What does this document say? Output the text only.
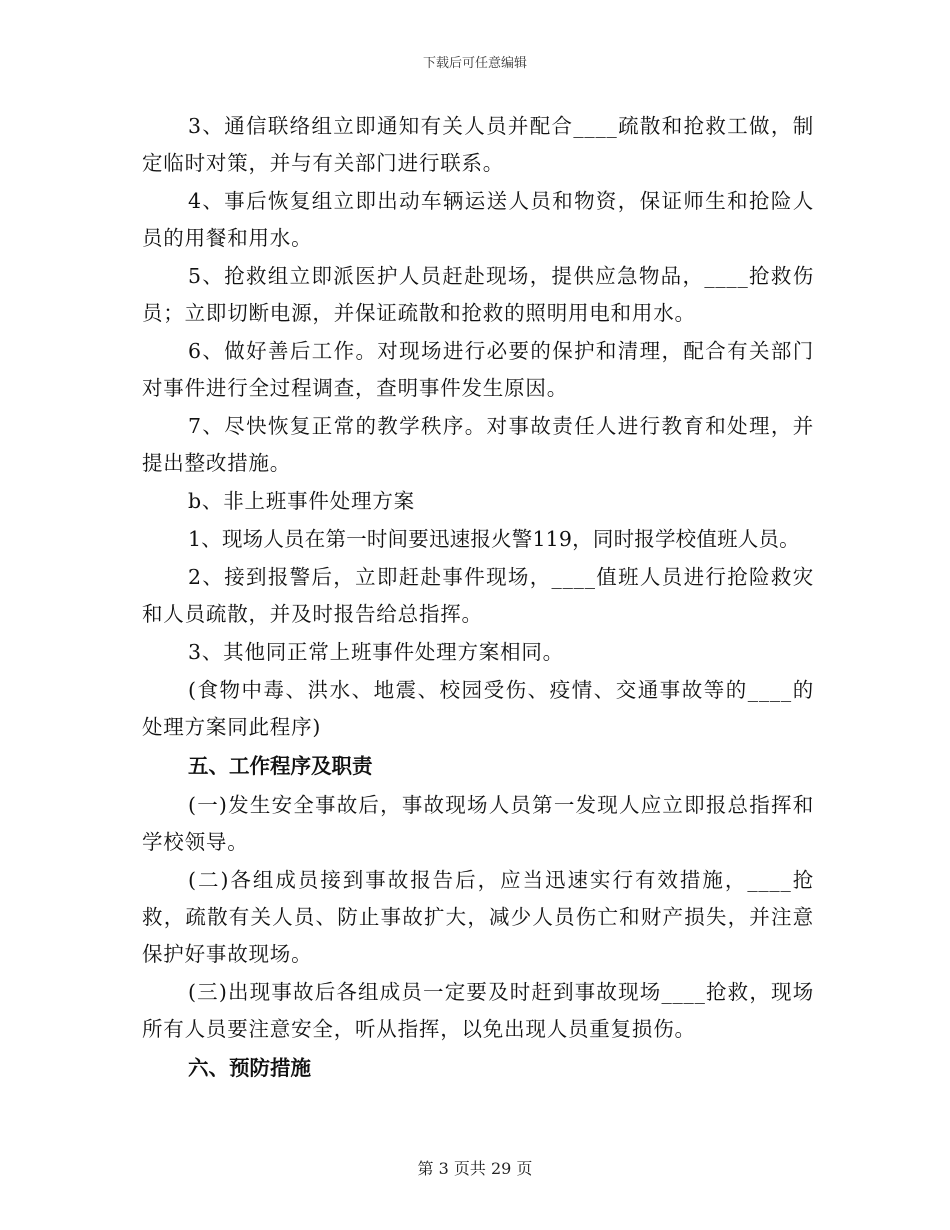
下载后可任意编辑

3、通信联络组立即通知有关人员并配合____疏散和抢救工做，制定临时对策，并与有关部门进行联系。

4、事后恢复组立即出动车辆运送人员和物资，保证师生和抢险人员的用餐和用水。

5、抢救组立即派医护人员赶赴现场，提供应急物品，____抢救伤员；立即切断电源，并保证疏散和抢救的照明用电和用水。

6、做好善后工作。对现场进行必要的保护和清理，配合有关部门对事件进行全过程调查，查明事件发生原因。

7、尽快恢复正常的教学秩序。对事故责任人进行教育和处理，并提出整改措施。

b、非上班事件处理方案

1、现场人员在第一时间要迅速报火警119，同时报学校值班人员。

2、接到报警后，立即赶赴事件现场，____值班人员进行抢险救灾和人员疏散，并及时报告给总指挥。

3、其他同正常上班事件处理方案相同。

(食物中毒、洪水、地震、校园受伤、疫情、交通事故等的____的处理方案同此程序)

五、工作程序及职责

(一)发生安全事故后，事故现场人员第一发现人应立即报总指挥和学校领导。

(二)各组成员接到事故报告后，应当迅速实行有效措施，____抢救，疏散有关人员、防止事故扩大，减少人员伤亡和财产损失，并注意保护好事故现场。

(三)出现事故后各组成员一定要及时赶到事故现场____抢救，现场所有人员要注意安全，听从指挥，以免出现人员重复损伤。

六、预防措施

第 3 页共 29 页
